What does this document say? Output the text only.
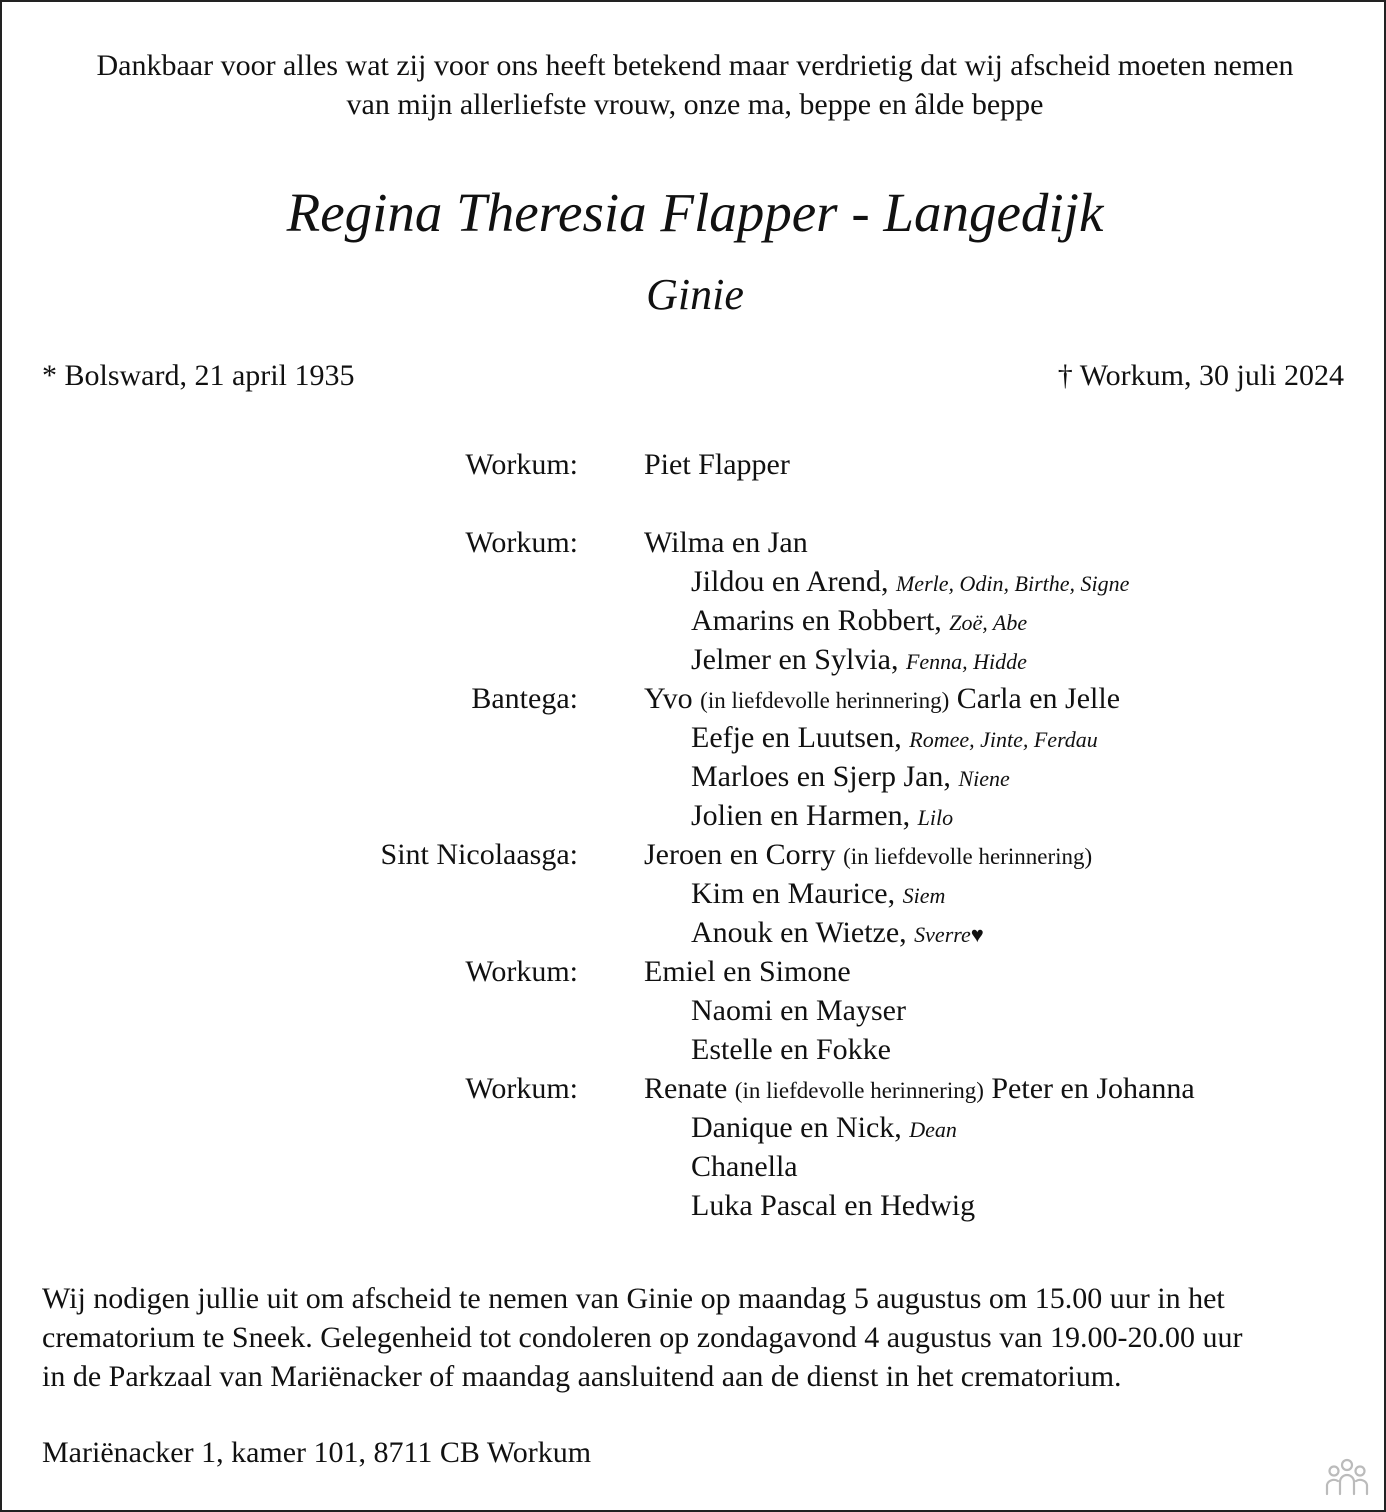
Dankbaar voor alles wat zij voor ons heeft betekend maar verdrietig dat wij afscheid moeten nemen
van mijn allerliefste vrouw, onze ma, beppe en âlde beppe
Regina Theresia Flapper - Langedijk
Ginie
* Bolsward, 21 april 1935	† Workum, 30 juli 2024
Workum: Piet Flapper
Workum: Wilma en Jan
Jildou en Arend, Merle, Odin, Birthe, Signe
Amarins en Robbert, Zoë, Abe
Jelmer en Sylvia, Fenna, Hidde
Bantega: Yvo (in liefdevolle herinnering) Carla en Jelle
Eefje en Luutsen, Romee, Jinte, Ferdau
Marloes en Sjerp Jan, Niene
Jolien en Harmen, Lilo
Sint Nicolaasga: Jeroen en Corry (in liefdevolle herinnering)
Kim en Maurice, Siem
Anouk en Wietze, Sverre♥
Workum: Emiel en Simone
Naomi en Mayser
Estelle en Fokke
Workum: Renate (in liefdevolle herinnering) Peter en Johanna
Danique en Nick, Dean
Chanella
Luka Pascal en Hedwig
Wij nodigen jullie uit om afscheid te nemen van Ginie op maandag 5 augustus om 15.00 uur in het
crematorium te Sneek. Gelegenheid tot condoleren op zondagavond 4 augustus van 19.00-20.00 uur
in de Parkzaal van Mariënacker of maandag aansluitend aan de dienst in het crematorium.
Mariënacker 1, kamer 101, 8711 CB Workum
